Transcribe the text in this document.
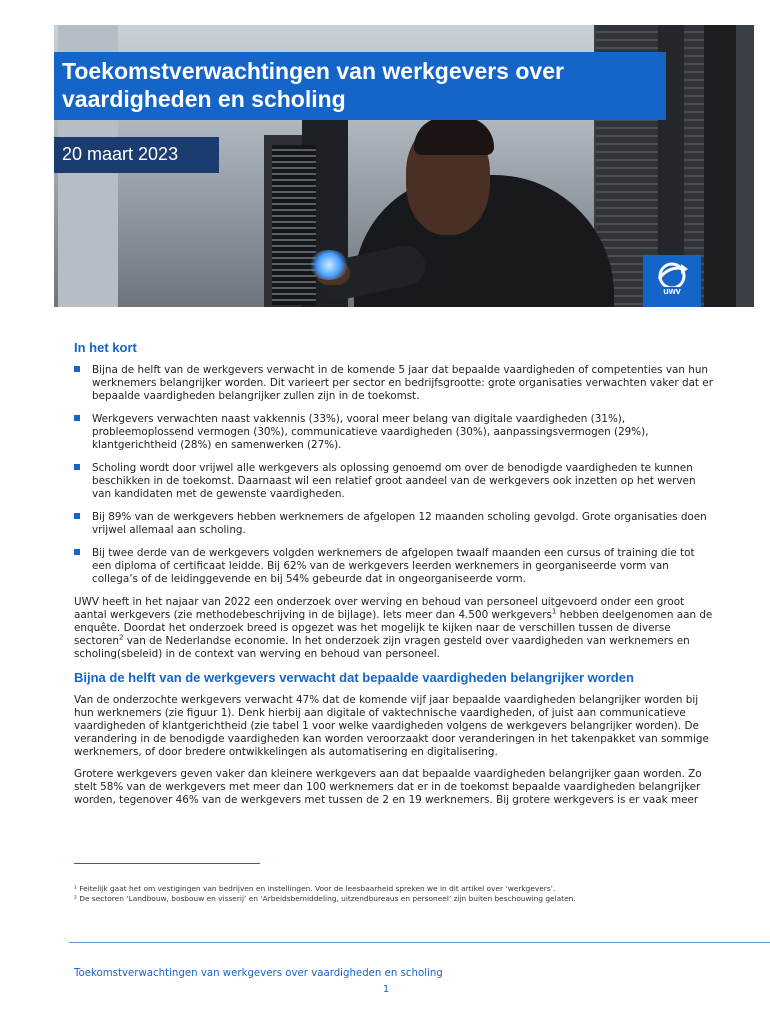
Toekomstverwachtingen van werkgevers over vaardigheden en scholing
20 maart 2023
uwv
In het kort
Bijna de helft van de werkgevers verwacht in de komende 5 jaar dat bepaalde vaardigheden of competenties van hun werknemers belangrijker worden. Dit varieert per sector en bedrijfsgrootte: grote organisaties verwachten vaker dat er bepaalde vaardigheden belangrijker zullen zijn in de toekomst.
Werkgevers verwachten naast vakkennis (33%), vooral meer belang van digitale vaardigheden (31%), probleemoplossend vermogen (30%), communicatieve vaardigheden (30%), aanpassingsvermogen (29%), klantgerichtheid (28%) en samenwerken (27%).
Scholing wordt door vrijwel alle werkgevers als oplossing genoemd om over de benodigde vaardigheden te kunnen beschikken in de toekomst. Daarnaast wil een relatief groot aandeel van de werkgevers ook inzetten op het werven van kandidaten met de gewenste vaardigheden.
Bij 89% van de werkgevers hebben werknemers de afgelopen 12 maanden scholing gevolgd. Grote organisaties doen vrijwel allemaal aan scholing.
Bij twee derde van de werkgevers volgden werknemers de afgelopen twaalf maanden een cursus of training die tot een diploma of certificaat leidde. Bij 62% van de werkgevers leerden werknemers in georganiseerde vorm van collega’s of de leidinggevende en bij 54% gebeurde dat in ongeorganiseerde vorm.

UWV heeft in het najaar van 2022 een onderzoek over werving en behoud van personeel uitgevoerd onder een groot aantal werkgevers (zie methodebeschrijving in de bijlage). Iets meer dan 4.500 werkgevers$^1$ hebben deelgenomen aan de enquête. Doordat het onderzoek breed is opgezet was het mogelijk te kijken naar de verschillen tussen de diverse sectoren$^2$ van de Nederlandse economie. In het onderzoek zijn vragen gesteld over vaardigheden van werknemers en scholing(sbeleid) in de context van werving en behoud van personeel.

Bijna de helft van de werkgevers verwacht dat bepaalde vaardigheden belangrijker worden

Van de onderzochte werkgevers verwacht 47% dat de komende vijf jaar bepaalde vaardigheden belangrijker worden bij hun werknemers (zie figuur 1). Denk hierbij aan digitale of vaktechnische vaardigheden, of juist aan communicatieve vaardigheden of klantgerichtheid (zie tabel 1 voor welke vaardigheden volgens de werkgevers belangrijker worden). De verandering in de benodigde vaardigheden kan worden veroorzaakt door veranderingen in het takenpakket van sommige werknemers, of door bredere ontwikkelingen als automatisering en digitalisering.

Grotere werkgevers geven vaker dan kleinere werkgevers aan dat bepaalde vaardigheden belangrijker gaan worden. Zo stelt 58% van de werkgevers met meer dan 100 werknemers dat er in de toekomst bepaalde vaardigheden belangrijker worden, tegenover 46% van de werkgevers met tussen de 2 en 19 werknemers. Bij grotere werkgevers is er vaak meer

¹ Feitelijk gaat het om vestigingen van bedrijven en instellingen. Voor de leesbaarheid spreken we in dit artikel over ‘werkgevers’.

² De sectoren ‘Landbouw, bosbouw en visserij’ en ‘Arbeidsbemiddeling, uitzendbureaus en personeel’ zijn buiten beschouwing gelaten.

Toekomstverwachtingen van werkgevers over vaardigheden en scholing
1
